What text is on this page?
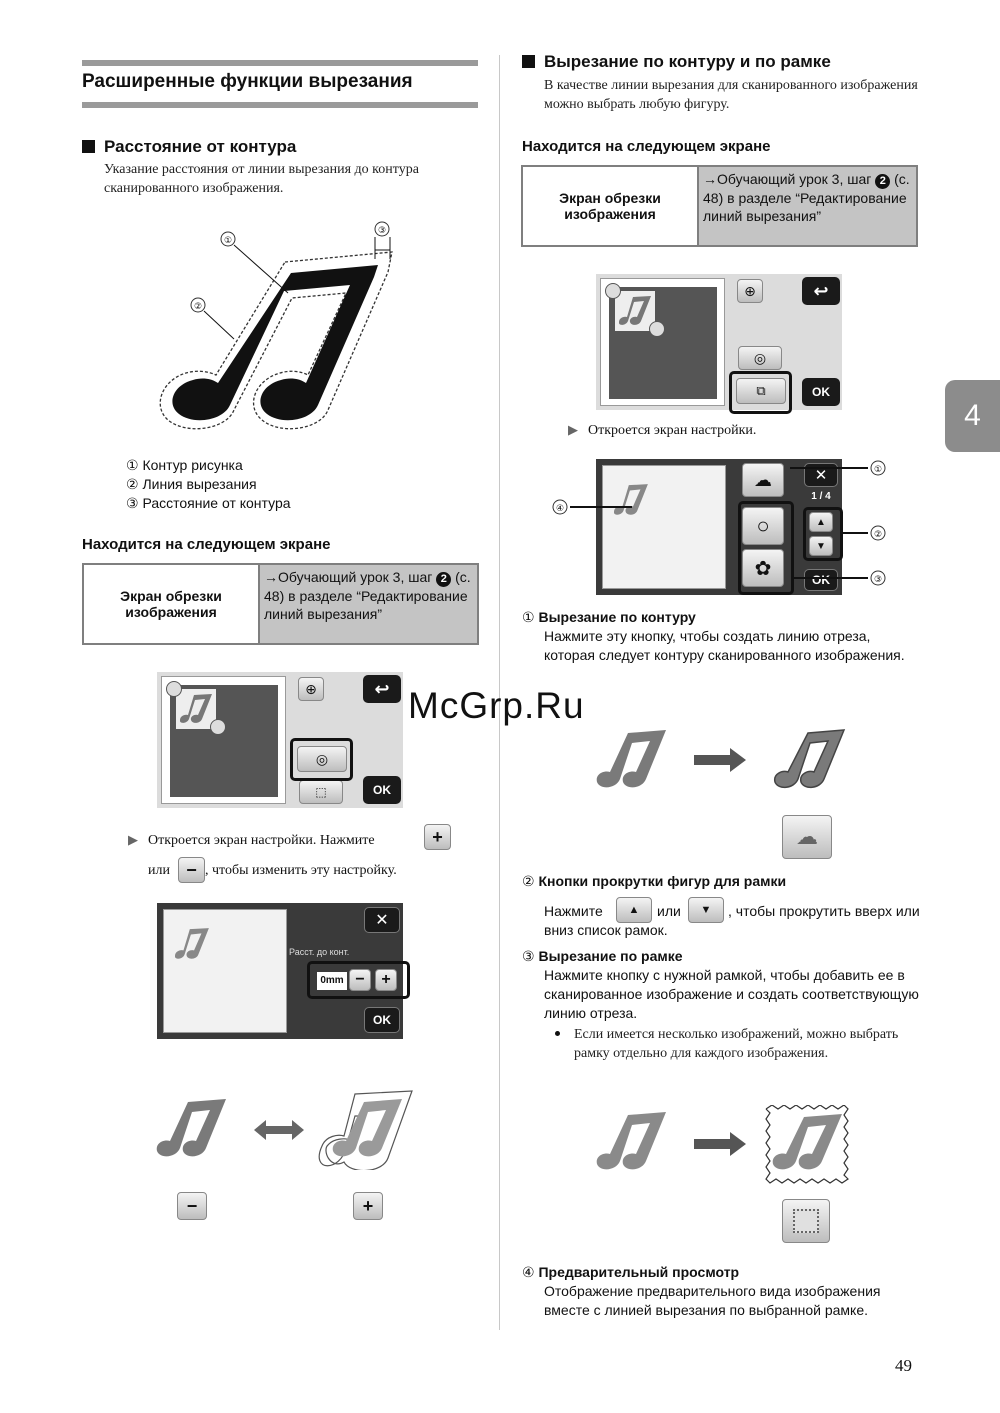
Расширенные функции вырезания
Расстояние от контура
Указание расстояния от линии вырезания до контура сканированного изображения.
①
②
③
① Контур рисунка
② Линия вырезания
③ Расстояние от контура
Находится на следующем экране
Экран обрезки изображения
→Обучающий урок 3, шаг 2 (с. 48) в разделе “Редактирование линий вырезания”
⊕	↩
◎
⬚	OK
▶ Откроется экран настройки. Нажмите	+
или − , чтобы изменить эту настройку.
Расст. до конт.
✕
0mm − +
OK
−	+
Вырезание по контуру и по рамке
В качестве линии вырезания для сканированного изображения можно выбрать любую фигуру.
Находится на следующем экране
Экран обрезки изображения
→Обучающий урок 3, шаг 2 (с. 48) в разделе “Редактирование линий вырезания”
⊕	↩
◎
⧉	OK
▶ Откроется экран настройки.
☁	✕
1 / 4
○
✿
▲
▼
OK
①
②
③
④
① Вырезание по контуру
Нажмите эту кнопку, чтобы создать линию отреза, которая следует контуру сканированного изображения.
☁
② Кнопки прокрутки фигур для рамки
Нажмите ▲ или ▼	, чтобы прокрутить вверх или вниз список рамок.
③ Вырезание по рамке
Нажмите кнопку с нужной рамкой, чтобы добавить ее в сканированное изображение и создать соответствующую линию отреза.
Если имеется несколько изображений, можно выбрать рамку отдельно для каждого изображения.
④ Предварительный просмотр
Отображение предварительного вида изображения вместе с линией вырезания по выбранной рамке.
4
McGrp.Ru
49
